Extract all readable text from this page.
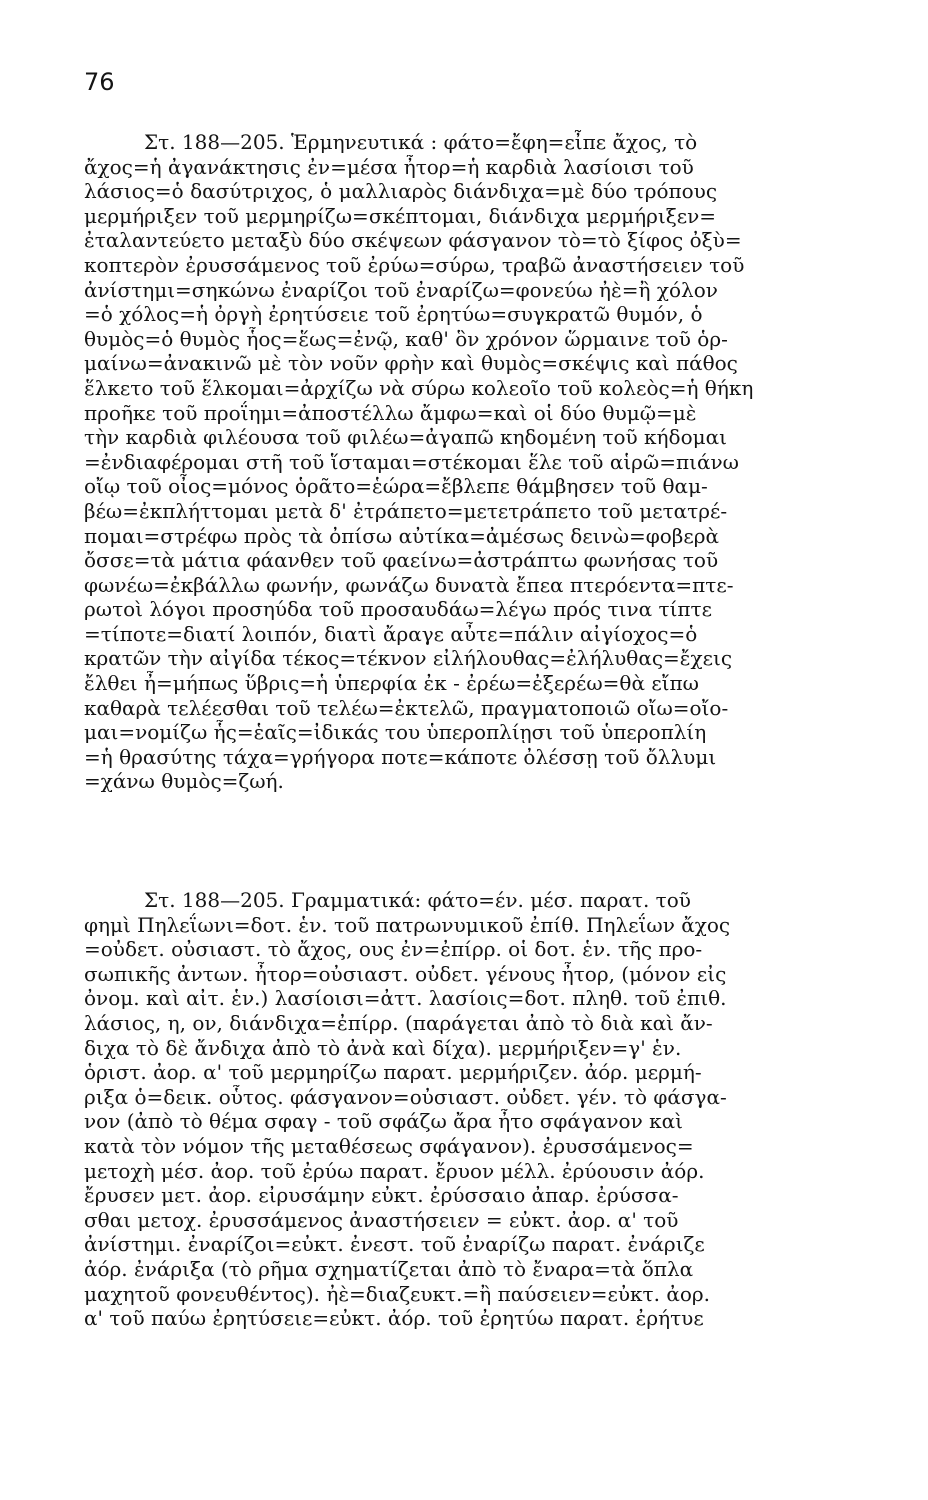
76
Στ. 188—205. Ἑρμηνευτικά : φάτο=ἔφη=εἶπε ἄχος, τὸ
ἄχος=ἡ ἀγανάκτησις ἐν=μέσα ἦτορ=ἡ καρδιὰ λασίοισι τοῦ
λάσιος=ὁ δασύτριχος, ὁ μαλλιαρὸς διάνδιχα=μὲ δύο τρόπους
μερμήριξεν τοῦ μερμηρίζω=σκέπτομαι, διάνδιχα μερμήριξεν=
ἐταλαντεύετο μεταξὺ δύο σκέψεων φάσγανον τὸ=τὸ ξίφος ὀξὺ=
κοπτερὸν ἐρυσσάμενος τοῦ ἐρύω=σύρω, τραβῶ ἀναστήσειεν τοῦ
ἀνίστημι=σηκώνω ἐναρίζοι τοῦ ἐναρίζω=φονεύω ἠὲ=ἢ χόλον
=ὁ χόλος=ἡ ὀργὴ ἐρητύσειε τοῦ ἐρητύω=συγκρατῶ θυμόν, ὁ
θυμὸς=ὁ θυμὸς ἧος=ἕως=ἐνῷ, καθ' ὃν χρόνον ὥρμαινε τοῦ ὁρ-
μαίνω=ἀνακινῶ μὲ τὸν νοῦν φρὴν καὶ θυμὸς=σκέψις καὶ πάθος
ἕλκετο τοῦ ἕλκομαι=ἀρχίζω νὰ σύρω κολεοῖο τοῦ κολεὸς=ἡ θήκη
προῆκε τοῦ προΐημι=ἀποστέλλω ἄμφω=καὶ οἱ δύο θυμῷ=μὲ
τὴν καρδιὰ φιλέουσα τοῦ φιλέω=ἀγαπῶ κηδομένη τοῦ κήδομαι
=ἐνδιαφέρομαι στῆ τοῦ ἵσταμαι=στέκομαι ἕλε τοῦ αἱρῶ=πιάνω
οἴῳ τοῦ οἶος=μόνος ὁρᾶτο=ἑώρα=ἔβλεπε θάμβησεν τοῦ θαμ-
βέω=ἐκπλήττομαι μετὰ δ' ἐτράπετο=μετετράπετο τοῦ μετατρέ-
πομαι=στρέφω πρὸς τὰ ὀπίσω αὐτίκα=ἀμέσως δεινὼ=φοβερὰ
ὄσσε=τὰ μάτια φάανθεν τοῦ φαείνω=ἀστράπτω φωνήσας τοῦ
φωνέω=ἐκβάλλω φωνήν, φωνάζω δυνατὰ ἔπεα πτερόεντα=πτε-
ρωτοὶ λόγοι προσηύδα τοῦ προσαυδάω=λέγω πρός τινα τίπτε
=τίποτε=διατί λοιπόν, διατὶ ἄραγε αὖτε=πάλιν αἰγίοχος=ὁ
κρατῶν τὴν αἰγίδα τέκος=τέκνον εἰλήλουθας=ἐλήλυθας=ἔχεις
ἔλθει ἦ=μήπως ὕβρις=ἡ ὑπερφία ἐκ - ἐρέω=ἐξερέω=θὰ εἴπω
καθαρὰ τελέεσθαι τοῦ τελέω=ἐκτελῶ, πραγματοποιῶ οἴω=οἴο-
μαι=νομίζω ἧς=ἑαῖς=ἰδικάς του ὑπεροπλίῃσι τοῦ ὑπεροπλίη
=ἡ θρασύτης τάχα=γρήγορα ποτε=κάποτε ὀλέσσῃ τοῦ ὄλλυμι
=χάνω θυμὸς=ζωή.
Στ. 188—205. Γραμματικά: φάτο=έν. μέσ. παρατ. τοῦ
φημὶ Πηλεΐωνι=δοτ. ἑν. τοῦ πατρωνυμικοῦ ἐπίθ. Πηλεΐων ἄχος
=οὐδετ. οὐσιαστ. τὸ ἄχος, ους ἐν=ἐπίρρ. οἱ δοτ. ἑν. τῆς προ-
σωπικῆς ἀντων. ἦτορ=οὐσιαστ. οὐδετ. γένους ἦτορ, (μόνον εἰς
ὀνομ. καὶ αἰτ. ἑν.) λασίοισι=ἀττ. λασίοις=δοτ. πληθ. τοῦ ἐπιθ.
λάσιος, η, ον, διάνδιχα=ἐπίρρ. (παράγεται ἀπὸ τὸ διὰ καὶ ἄν-
διχα τὸ δὲ ἄνδιχα ἀπὸ τὸ ἀνὰ καὶ δίχα). μερμήριξεν=γ' ἑν.
ὁριστ. ἀορ. α' τοῦ μερμηρίζω παρατ. μερμήριζεν. ἀόρ. μερμή-
ριξα ὁ=δεικ. οὗτος. φάσγανον=οὐσιαστ. οὐδετ. γέν. τὸ φάσγα-
νον (ἀπὸ τὸ θέμα σφαγ - τοῦ σφάζω ἄρα ἦτο σφάγανον καὶ
κατὰ τὸν νόμον τῆς μεταθέσεως σφάγανον). ἐρυσσάμενος=
μετοχὴ μέσ. ἀορ. τοῦ ἐρύω παρατ. ἔρυον μέλλ. ἐρύουσιν ἀόρ.
ἔρυσεν μετ. ἀορ. εἰρυσάμην εὐκτ. ἐρύσσαιο ἀπαρ. ἐρύσσα-
σθαι μετοχ. ἐρυσσάμενος ἀναστήσειεν = εὐκτ. ἀορ. α' τοῦ
ἀνίστημι. ἐναρίζοι=εὐκτ. ἐνεστ. τοῦ ἐναρίζω παρατ. ἐνάριζε
ἀόρ. ἐνάριξα (τὸ ρῆμα σχηματίζεται ἀπὸ τὸ ἔναρα=τὰ ὅπλα
μαχητοῦ φονευθέντος). ἠὲ=διαζευκτ.=ἢ παύσειεν=εὐκτ. ἀορ.
α' τοῦ παύω ἐρητύσειε=εὐκτ. ἀόρ. τοῦ ἐρητύω παρατ. ἐρήτυε
